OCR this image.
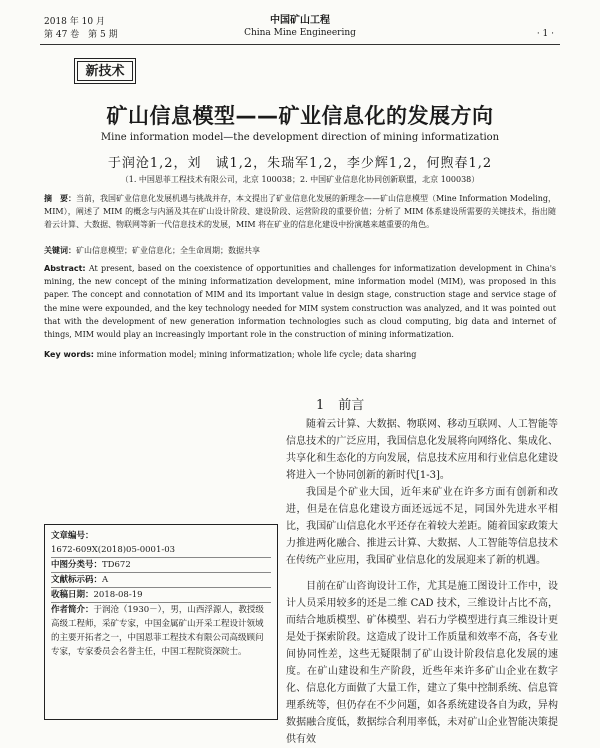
2018 年 10 月
第 47 卷　第 5 期
中国矿山工程
China Mine Engineering	· 1 ·
新技术
矿山信息模型——矿业信息化的发展方向
Mine information model—the development direction of mining informatization
于润沧1,2，刘　诚1,2，朱瑞军1,2，李少辉1,2，何煦春1,2
（1. 中国恩菲工程技术有限公司，北京 100038；2. 中国矿业信息化协同创新联盟，北京 100038）
摘　要：当前，我国矿业信息化发展机遇与挑战并存，本文提出了矿业信息化发展的新理念——矿山信息模型（Mine Information Modeling，MIM），阐述了 MIM 的概念与内涵及其在矿山设计阶段、建设阶段、运营阶段的重要价值；分析了 MIM 体系建设所需要的关键技术，指出随着云计算、大数据、物联网等新一代信息技术的发展，MIM 将在矿业的信息化建设中扮演越来越重要的角色。
关键词：矿山信息模型；矿业信息化；全生命周期；数据共享
Abstract: At present, based on the coexistence of opportunities and challenges for informatization development in China's mining, the new concept of the mining informatization development, mine information model (MIM), was proposed in this paper. The concept and connotation of MIM and its important value in design stage, construction stage and service stage of the mine were expounded, and the key technology needed for MIM system construction was analyzed, and it was pointed out that with the development of new generation information technologies such as cloud computing, big data and internet of things, MIM would play an increasingly important role in the construction of mining informatization.
Key words: mine information model; mining informatization; whole life cycle; data sharing
1 前言

随着云计算、大数据、物联网、移动互联网、人工智能等信息技术的广泛应用，我国信息化发展将向网络化、集成化、共享化和生态化的方向发展，信息技术应用和行业信息化建设将进入一个协同创新的新时代[1-3]。

我国是个矿业大国，近年来矿业在许多方面有创新和改进，但是在信息化建设方面还远远不足，同国外先进水平相比，我国矿山信息化水平还存在着较大差距。随着国家政策大力推进两化融合、推进云计算、大数据、人工智能等信息技术在传统产业应用，我国矿业信息化的发展迎来了新的机遇。

目前在矿山咨询设计工作，尤其是施工图设计工作中，设计人员采用较多的还是二维 CAD 技术，三维设计占比不高，而结合地质模型、矿体模型、岩石力学模型进行真三维设计更是处于探索阶段。这造成了设计工作质量和效率不高，各专业间协同性差，这些无疑限制了矿山设计阶段信息化发展的速度。在矿山建设和生产阶段，近些年来许多矿山企业在数字化、信息化方面做了大量工作，建立了集中控制系统、信息管理系统等，但仍存在不少问题，如各系统建设各自为政，异构数据融合度低，数据综合利用率低，未对矿山企业智能决策提供有效

文章编号：
1672-609X(2018)05-0001-03
中图分类号：TD672
文献标示码：A
收稿日期：2018-08-19
作者简介：于润沧（1930－），男，山西浮源人，教授级高级工程师，采矿专家，中国金属矿山开采工程设计领域的主要开拓者之一，中国恩菲工程技术有限公司高级顾问专家，专家委员会名誉主任，中国工程院资深院士。
